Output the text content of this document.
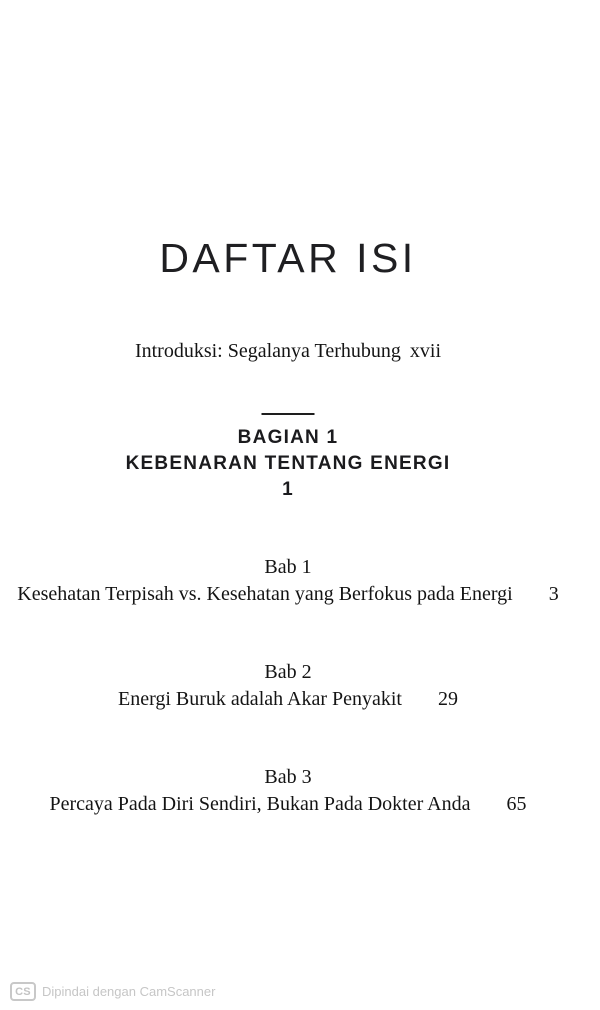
DAFTAR ISI
Introduksi: Segalanya Terhubung xvii
BAGIAN 1
KEBENARAN TENTANG ENERGI
1
Bab 1
Kesehatan Terpisah vs. Kesehatan yang Berfokus pada Energi 3
Bab 2
Energi Buruk adalah Akar Penyakit 29
Bab 3
Percaya Pada Diri Sendiri, Bukan Pada Dokter Anda 65
CS Dipindai dengan CamScanner
